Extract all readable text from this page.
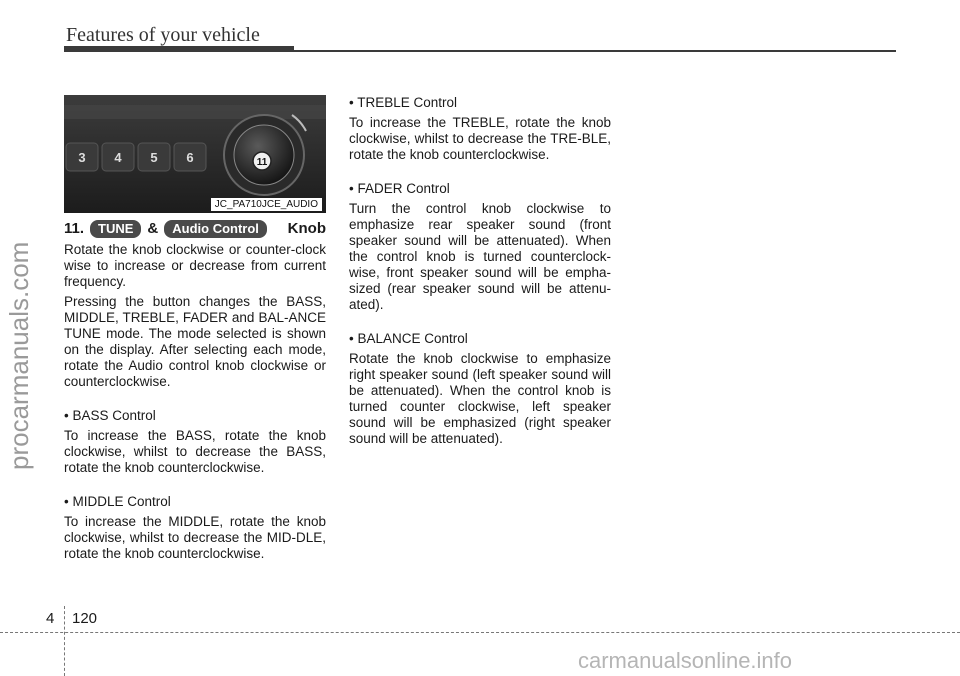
Features of your vehicle
procarmanuals.com
3 4 5 6	11
JC_PA710JCE_AUDIO
11.	TUNE &	Audio Control	Knob

Rotate the knob clockwise or counter-clock wise to increase or decrease from current frequency.

Pressing the button changes the BASS, MIDDLE, TREBLE, FADER and BAL-ANCE TUNE mode. The mode selected is shown on the display. After selecting each mode, rotate the Audio control knob clockwise or counterclockwise.

• BASS Control

To increase the BASS, rotate the knob clockwise, whilst to decrease the BASS, rotate the knob counterclockwise.

• MIDDLE Control

To increase the MIDDLE, rotate the knob clockwise, whilst to decrease the MID-DLE, rotate the knob counterclockwise.

• TREBLE Control

To increase the TREBLE, rotate the knob clockwise, whilst to decrease the TRE-BLE, rotate the knob counterclockwise.

• FADER Control

Turn the control knob clockwise to emphasize rear speaker sound (front speaker sound will be attenuated). When the control knob is turned counterclock-wise, front speaker sound will be empha-sized (rear speaker sound will be attenu-ated).

• BALANCE Control

Rotate the knob clockwise to emphasize right speaker sound (left speaker sound will be attenuated). When the control knob is turned counter clockwise, left speaker sound will be emphasized (right speaker sound will be attenuated).

4 120
carmanualsonline.info
